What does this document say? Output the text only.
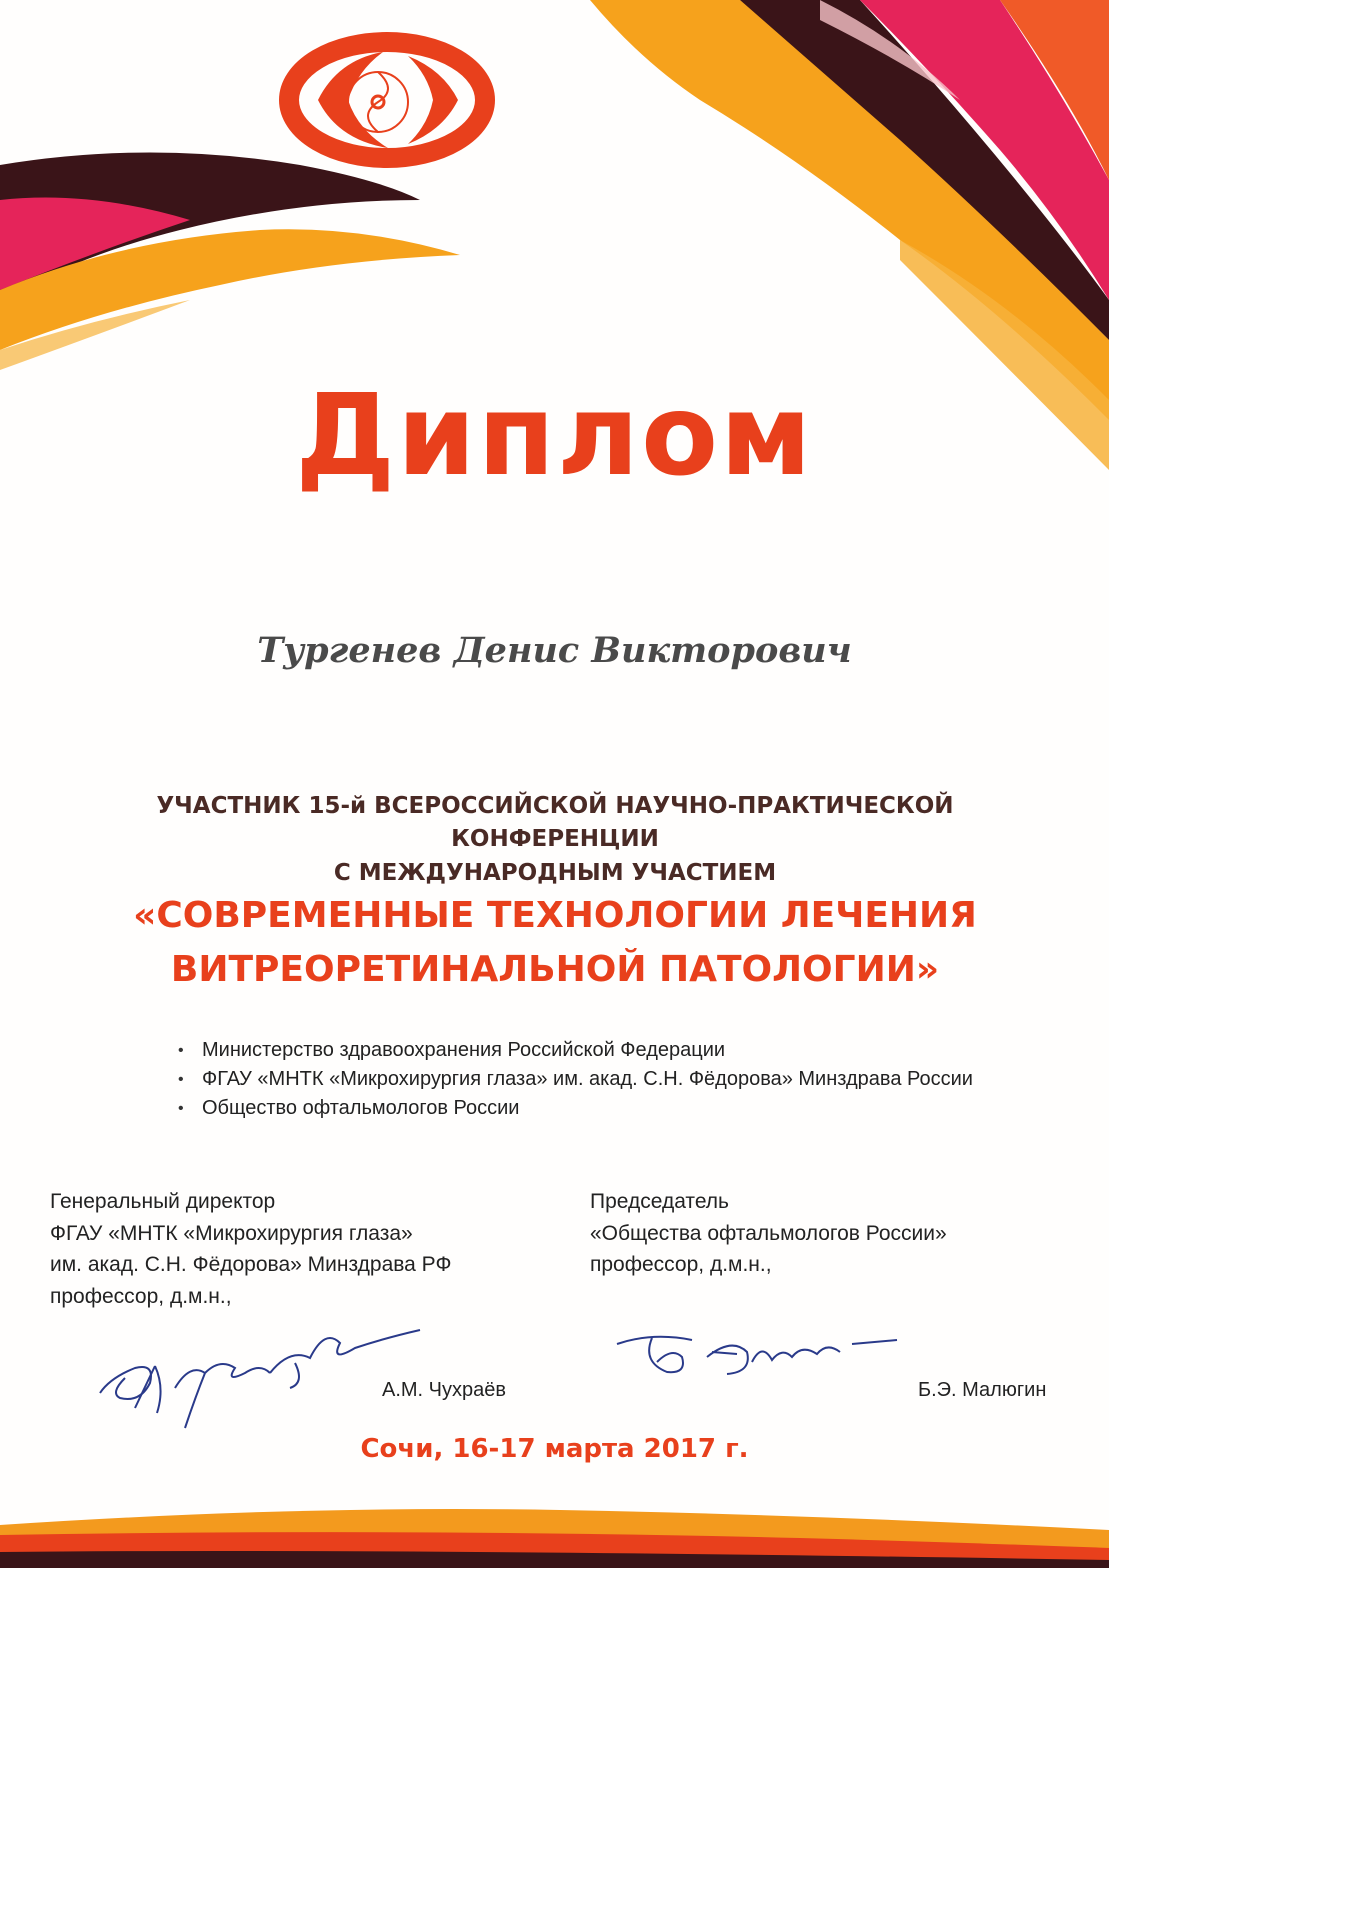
Диплом

Тургенев Денис Викторович

УЧАСТНИК 15-й ВСЕРОССИЙСКОЙ НАУЧНО-ПРАКТИЧЕСКОЙ КОНФЕРЕНЦИИ
С МЕЖДУНАРОДНЫМ УЧАСТИЕМ
«СОВРЕМЕННЫЕ ТЕХНОЛОГИИ ЛЕЧЕНИЯ
ВИТРЕОРЕТИНАЛЬНОЙ ПАТОЛОГИИ»
• Министерство здравоохранения Российской Федерации
• ФГАУ «МНТК «Микрохирургия глаза» им. акад. С.Н. Фёдорова» Минздрава России
• Общество офтальмологов России
Генеральный директор
ФГАУ «МНТК «Микрохирургия глаза»
им. акад. С.Н. Фёдорова» Минздрава РФ
профессор, д.м.н.,
Председатель
«Общества офтальмологов России»
профессор, д.м.н.,
А.М. Чухраёв	Б.Э. Малюгин
Сочи, 16-17 марта 2017 г.
